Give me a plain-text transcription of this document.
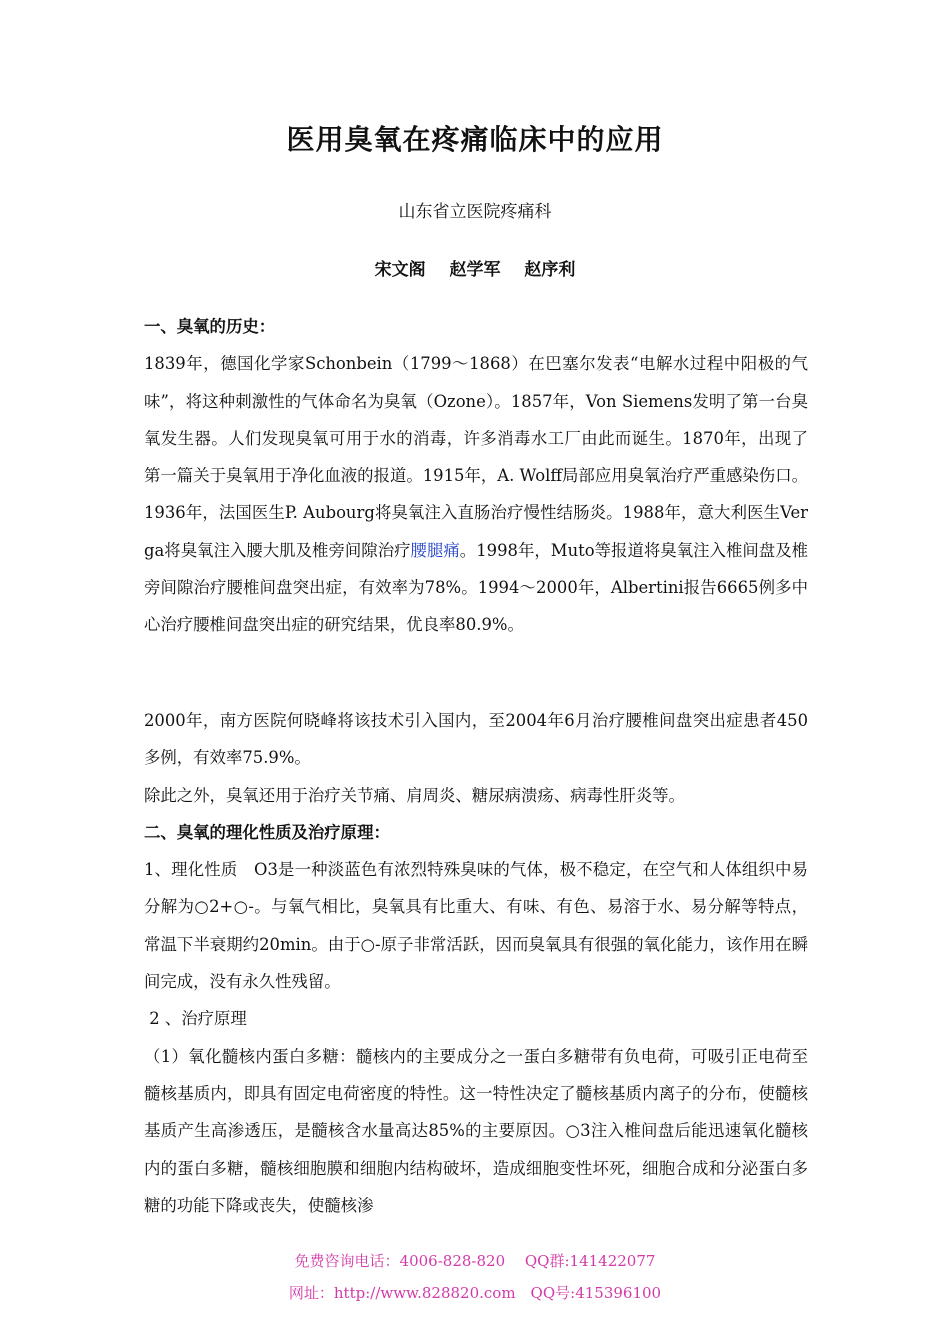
医用臭氧在疼痛临床中的应用
山东省立医院疼痛科
宋文阁 赵学军 赵序利
一、臭氧的历史：
1839年，德国化学家Schonbein（1799～1868）在巴塞尔发表“电解水过程中阳极的气味”，将这种刺激性的气体命名为臭氧（Ozone）。1857年，Von Siemens发明了第一台臭氧发生器。人们发现臭氧可用于水的消毒，许多消毒水工厂由此而诞生。1870年，出现了第一篇关于臭氧用于净化血液的报道。1915年，A. Wolff局部应用臭氧治疗严重感染伤口。1936年，法国医生P. Aubourg将臭氧注入直肠治疗慢性结肠炎。1988年，意大利医生Verga将臭氧注入腰大肌及椎旁间隙治疗腰腿痛。1998年，Muto等报道将臭氧注入椎间盘及椎旁间隙治疗腰椎间盘突出症，有效率为78%。1994～2000年，Albertini报告6665例多中心治疗腰椎间盘突出症的研究结果，优良率80.9%。
2000年，南方医院何晓峰将该技术引入国内，至2004年6月治疗腰椎间盘突出症患者450多例，有效率75.9%。
除此之外，臭氧还用于治疗关节痛、肩周炎、糖尿病溃疡、病毒性肝炎等。
二、臭氧的理化性质及治疗原理：
1、理化性质　O3是一种淡蓝色有浓烈特殊臭味的气体，极不稳定，在空气和人体组织中易分解为○2+○-。与氧气相比，臭氧具有比重大、有味、有色、易溶于水、易分解等特点，常温下半衰期约20min。由于○-原子非常活跃，因而臭氧具有很强的氧化能力，该作用在瞬间完成，没有永久性残留。
2 、治疗原理
（1）氧化髓核内蛋白多糖：髓核内的主要成分之一蛋白多糖带有负电荷，可吸引正电荷至髓核基质内，即具有固定电荷密度的特性。这一特性决定了髓核基质内离子的分布，使髓核基质产生高渗透压，是髓核含水量高达85%的主要原因。○3注入椎间盘后能迅速氧化髓核内的蛋白多糖，髓核细胞膜和细胞内结构破坏，造成细胞变性坏死，细胞合成和分泌蛋白多糖的功能下降或丧失，使髓核渗
免费咨询电话：4006-828-820　 QQ群:141422077
网址：http://www.828820.com　QQ号:415396100
